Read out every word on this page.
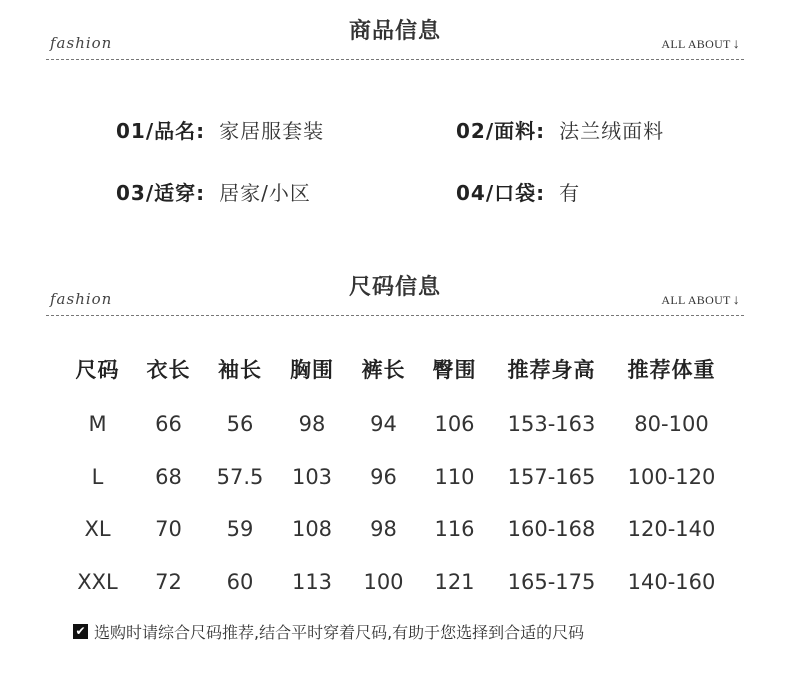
商品信息
fashion	ALL ABOUT ↓
01/品名: 家居服套装	02/面料: 法兰绒面料
03/适穿: 居家/小区	04/口袋: 有
尺码信息
fashion	ALL ABOUT ↓
尺码	衣长	袖长	胸围	裤长	臀围	推荐身高	推荐体重
M	66	56	98	94	106	153-163	80-100
L	68	57.5	103	96	110	157-165	100-120
XL	70	59	108	98	116	160-168	120-140
XXL	72	60	113	100	121	165-175	140-160
✔ 选购时请综合尺码推荐,结合平时穿着尺码,有助于您选择到合适的尺码
